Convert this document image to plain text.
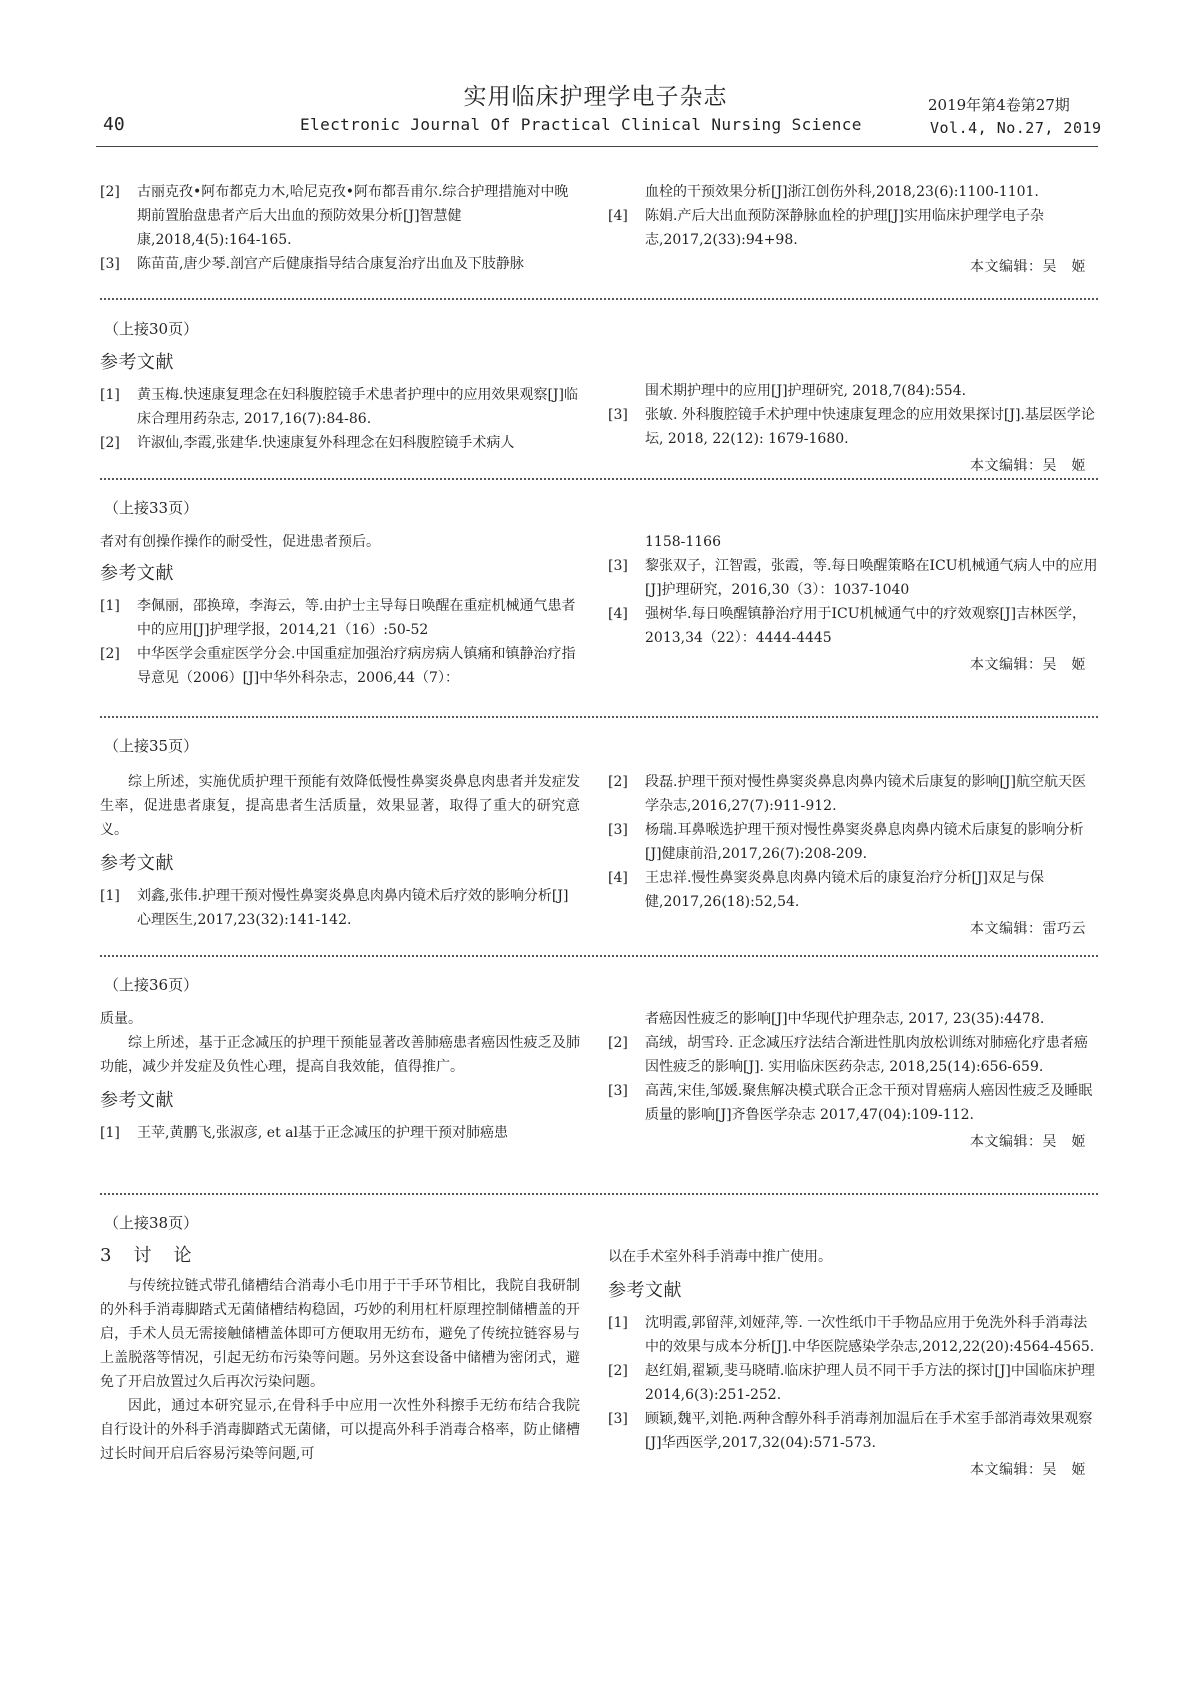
实用临床护理学电子杂志
40	Electronic Journal Of Practical Clinical Nursing Science
2019年第4卷第27期
Vol.4, No.27, 2019
[2] 古丽克孜•阿布都克力木,哈尼克孜•阿布都吾甫尔.综合护理措施对中晚期前置胎盘患者产后大出血的预防效果分析[J]智慧健康,2018,4(5):164-165.
[3] 陈苗苗,唐少琴.剖宫产后健康指导结合康复治疗出血及下肢静脉
血栓的干预效果分析[J]浙江创伤外科,2018,23(6):1100-1101.
[4] 陈娟.产后大出血预防深静脉血栓的护理[J]实用临床护理学电子杂志,2017,2(33):94+98.
本文编辑：吴　姬
（上接30页）
参考文献
[1] 黄玉梅.快速康复理念在妇科腹腔镜手术患者护理中的应用效果观察[J]临床合理用药杂志, 2017,16(7):84-86.
[2] 许淑仙,李霞,张建华.快速康复外科理念在妇科腹腔镜手术病人
围术期护理中的应用[J]护理研究, 2018,7(84):554.
[3] 张敏. 外科腹腔镜手术护理中快速康复理念的应用效果探讨[J].基层医学论坛, 2018, 22(12): 1679-1680.
本文编辑：吴　姬
（上接33页）

者对有创操作操作的耐受性，促进患者预后。

参考文献
[1] 李佩丽，邵换璋，李海云，等.由护士主导每日唤醒在重症机械通气患者中的应用[J]护理学报，2014,21（16）:50-52
[2] 中华医学会重症医学分会.中国重症加强治疗病房病人镇痛和镇静治疗指导意见（2006）[J]中华外科杂志，2006,44（7）：
1158-1166
[3] 黎张双子，江智霞，张霞，等.每日唤醒策略在ICU机械通气病人中的应用[J]护理研究，2016,30（3）：1037-1040
[4] 强树华.每日唤醒镇静治疗用于ICU机械通气中的疗效观察[J]吉林医学，2013,34（22）：4444-4445
本文编辑：吴　姬
（上接35页）

综上所述，实施优质护理干预能有效降低慢性鼻窦炎鼻息肉患者并发症发生率，促进患者康复，提高患者生活质量，效果显著，取得了重大的研究意义。

参考文献
[1] 刘鑫,张伟.护理干预对慢性鼻窦炎鼻息肉鼻内镜术后疗效的影响分析[J]心理医生,2017,23(32):141-142.
[2] 段磊.护理干预对慢性鼻窦炎鼻息肉鼻内镜术后康复的影响[J]航空航天医学杂志,2016,27(7):911-912.
[3] 杨瑞.耳鼻喉选护理干预对慢性鼻窦炎鼻息肉鼻内镜术后康复的影响分析[J]健康前沿,2017,26(7):208-209.
[4] 王忠祥.慢性鼻窦炎鼻息肉鼻内镜术后的康复治疗分析[J]双足与保健,2017,26(18):52,54.
本文编辑：雷巧云
（上接36页）

质量。

综上所述，基于正念减压的护理干预能显著改善肺癌患者癌因性疲乏及肺功能，减少并发症及负性心理，提高自我效能，值得推广。

参考文献
[1] 王苹,黄鹏飞,张淑彦, et al基于正念减压的护理干预对肺癌患
者癌因性疲乏的影响[J]中华现代护理杂志, 2017, 23(35):4478.
[2] 高绒，胡雪玲. 正念减压疗法结合渐进性肌肉放松训练对肺癌化疗患者癌因性疲乏的影响[J]. 实用临床医药杂志, 2018,25(14):656-659.
[3] 高茜,宋佳,邹媛.聚焦解决模式联合正念干预对胃癌病人癌因性疲乏及睡眠质量的影响[J]齐鲁医学杂志 2017,47(04):109-112.
本文编辑：吴　姬
（上接38页）
3　讨　论

与传统拉链式带孔储槽结合消毒小毛巾用于干手环节相比，我院自我研制的外科手消毒脚踏式无菌储槽结构稳固，巧妙的利用杠杆原理控制储槽盖的开启，手术人员无需接触储槽盖体即可方便取用无纺布，避免了传统拉链容易与上盖脱落等情况，引起无纺布污染等问题。另外这套设备中储槽为密闭式，避免了开启放置过久后再次污染问题。

因此，通过本研究显示,在骨科手中应用一次性外科擦手无纺布结合我院自行设计的外科手消毒脚踏式无菌储，可以提高外科手消毒合格率，防止储槽过长时间开启后容易污染等问题,可

以在手术室外科手消毒中推广使用。

参考文献
[1] 沈明霞,郭留萍,刘娅萍,等. 一次性纸巾干手物品应用于免洗外科手消毒法中的效果与成本分析[J].中华医院感染学杂志,2012,22(20):4564-4565.
[2] 赵红娟,翟颖,斐马晓晴.临床护理人员不同干手方法的探讨[J]中国临床护理 2014,6(3):251-252.
[3] 顾颖,魏平,刘艳.两种含醇外科手消毒剂加温后在手术室手部消毒效果观察[J]华西医学,2017,32(04):571-573.
本文编辑：吴　姬
